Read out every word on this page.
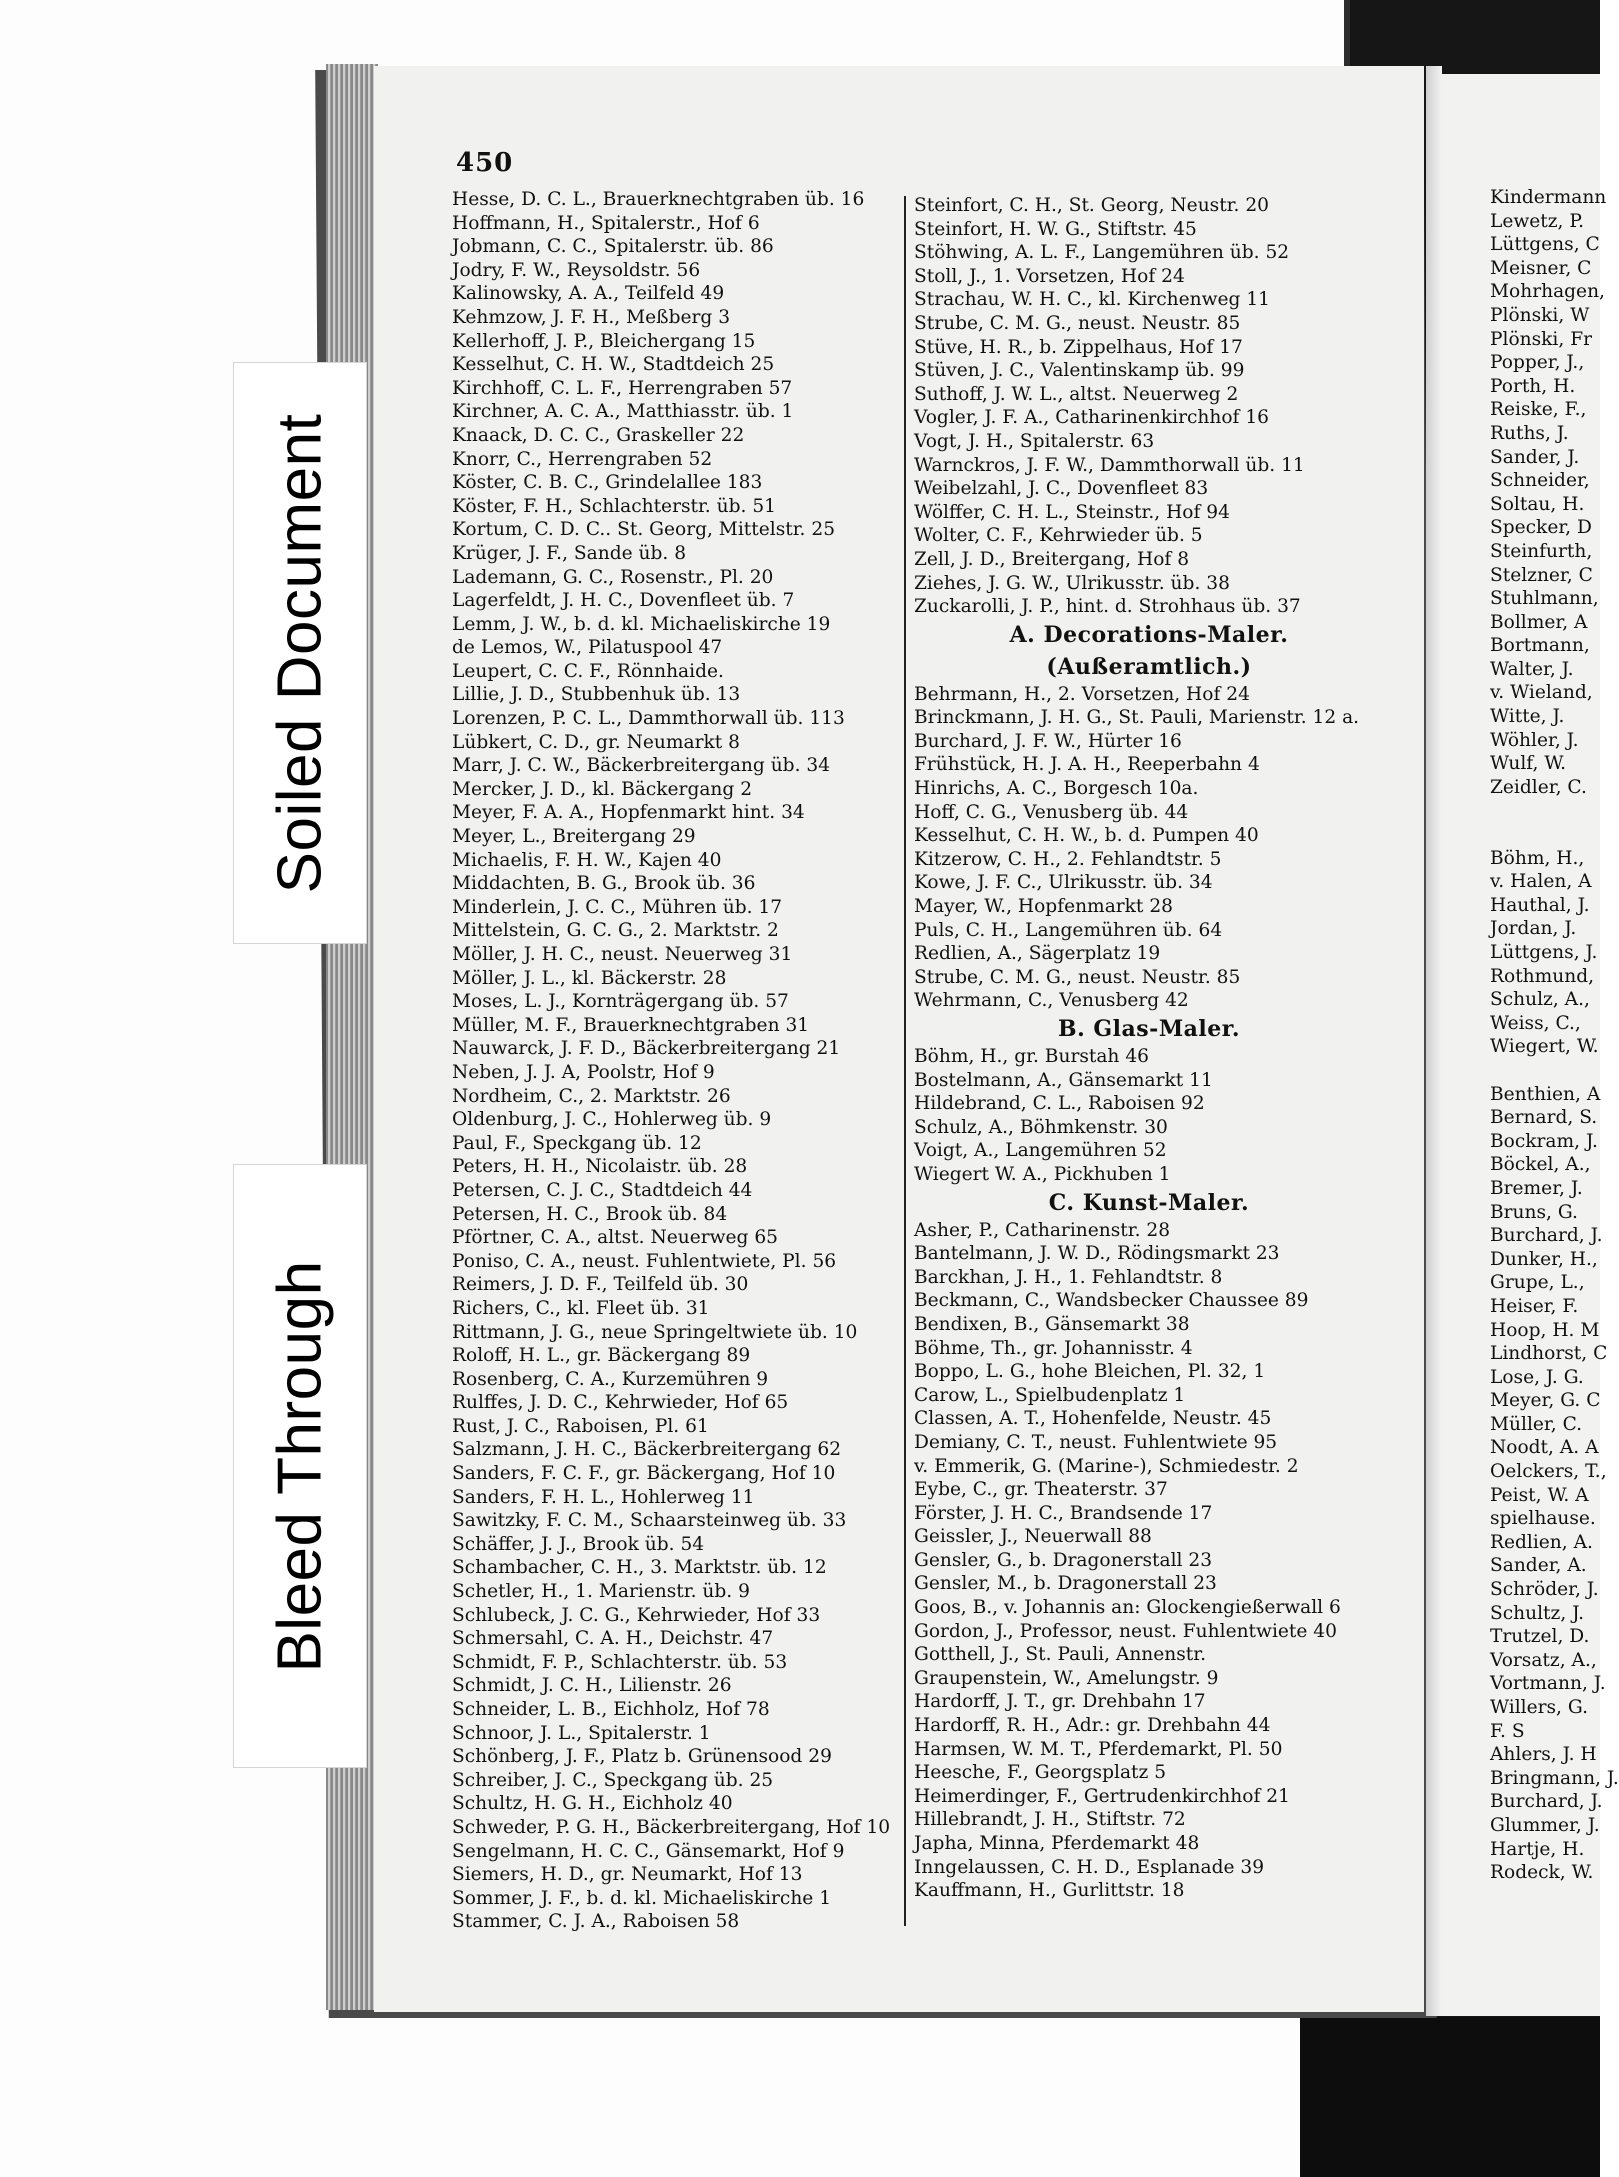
450
Hesse, D. C. L., Brauerknechtgraben üb. 16
Hoffmann, H., Spitalerstr., Hof 6
Jobmann, C. C., Spitalerstr. üb. 86
Jodry, F. W., Reysoldstr. 56
Kalinowsky, A. A., Teilfeld 49
Kehmzow, J. F. H., Meßberg 3
Kellerhoff, J. P., Bleichergang 15
Kesselhut, C. H. W., Stadtdeich 25
Kirchhoff, C. L. F., Herrengraben 57
Kirchner, A. C. A., Matthiasstr. üb. 1
Knaack, D. C. C., Graskeller 22
Knorr, C., Herrengraben 52
Köster, C. B. C., Grindelallee 183
Köster, F. H., Schlachterstr. üb. 51
Kortum, C. D. C.. St. Georg, Mittelstr. 25
Krüger, J. F., Sande üb. 8
Lademann, G. C., Rosenstr., Pl. 20
Lagerfeldt, J. H. C., Dovenfleet üb. 7
Lemm, J. W., b. d. kl. Michaeliskirche 19
de Lemos, W., Pilatuspool 47
Leupert, C. C. F., Rönnhaide.
Lillie, J. D., Stubbenhuk üb. 13
Lorenzen, P. C. L., Dammthorwall üb. 113
Lübkert, C. D., gr. Neumarkt 8
Marr, J. C. W., Bäckerbreitergang üb. 34
Mercker, J. D., kl. Bäckergang 2
Meyer, F. A. A., Hopfenmarkt hint. 34
Meyer, L., Breitergang 29
Michaelis, F. H. W., Kajen 40
Middachten, B. G., Brook üb. 36
Minderlein, J. C. C., Mühren üb. 17
Mittelstein, G. C. G., 2. Marktstr. 2
Möller, J. H. C., neust. Neuerweg 31
Möller, J. L., kl. Bäckerstr. 28
Moses, L. J., Kornträgergang üb. 57
Müller, M. F., Brauerknechtgraben 31
Nauwarck, J. F. D., Bäckerbreitergang 21
Neben, J. J. A, Poolstr, Hof 9
Nordheim, C., 2. Marktstr. 26
Oldenburg, J. C., Hohlerweg üb. 9
Paul, F., Speckgang üb. 12
Peters, H. H., Nicolaistr. üb. 28
Petersen, C. J. C., Stadtdeich 44
Petersen, H. C., Brook üb. 84
Pförtner, C. A., altst. Neuerweg 65
Poniso, C. A., neust. Fuhlentwiete, Pl. 56
Reimers, J. D. F., Teilfeld üb. 30
Richers, C., kl. Fleet üb. 31
Rittmann, J. G., neue Springeltwiete üb. 10
Roloff, H. L., gr. Bäckergang 89
Rosenberg, C. A., Kurzemühren 9
Rulffes, J. D. C., Kehrwieder, Hof 65
Rust, J. C., Raboisen, Pl. 61
Salzmann, J. H. C., Bäckerbreitergang 62
Sanders, F. C. F., gr. Bäckergang, Hof 10
Sanders, F. H. L., Hohlerweg 11
Sawitzky, F. C. M., Schaarsteinweg üb. 33
Schäffer, J. J., Brook üb. 54
Schambacher, C. H., 3. Marktstr. üb. 12
Schetler, H., 1. Marienstr. üb. 9
Schlubeck, J. C. G., Kehrwieder, Hof 33
Schmersahl, C. A. H., Deichstr. 47
Schmidt, F. P., Schlachterstr. üb. 53
Schmidt, J. C. H., Lilienstr. 26
Schneider, L. B., Eichholz, Hof 78
Schnoor, J. L., Spitalerstr. 1
Schönberg, J. F., Platz b. Grünensood 29
Schreiber, J. C., Speckgang üb. 25
Schultz, H. G. H., Eichholz 40
Schweder, P. G. H., Bäckerbreitergang, Hof 10
Sengelmann, H. C. C., Gänsemarkt, Hof 9
Siemers, H. D., gr. Neumarkt, Hof 13
Sommer, J. F., b. d. kl. Michaeliskirche 1
Stammer, C. J. A., Raboisen 58
Steinfort, C. H., St. Georg, Neustr. 20
Steinfort, H. W. G., Stiftstr. 45
Stöhwing, A. L. F., Langemühren üb. 52
Stoll, J., 1. Vorsetzen, Hof 24
Strachau, W. H. C., kl. Kirchenweg 11
Strube, C. M. G., neust. Neustr. 85
Stüve, H. R., b. Zippelhaus, Hof 17
Stüven, J. C., Valentinskamp üb. 99
Suthoff, J. W. L., altst. Neuerweg 2
Vogler, J. F. A., Catharinenkirchhof 16
Vogt, J. H., Spitalerstr. 63
Warnckros, J. F. W., Dammthorwall üb. 11
Weibelzahl, J. C., Dovenfleet 83
Wölffer, C. H. L., Steinstr., Hof 94
Wolter, C. F., Kehrwieder üb. 5
Zell, J. D., Breitergang, Hof 8
Ziehes, J. G. W., Ulrikusstr. üb. 38
Zuckarolli, J. P., hint. d. Strohhaus üb. 37
A. Decorations-Maler.
(Außeramtlich.)
Behrmann, H., 2. Vorsetzen, Hof 24
Brinckmann, J. H. G., St. Pauli, Marienstr. 12 a.
Burchard, J. F. W., Hürter 16
Frühstück, H. J. A. H., Reeperbahn 4
Hinrichs, A. C., Borgesch 10a.
Hoff, C. G., Venusberg üb. 44
Kesselhut, C. H. W., b. d. Pumpen 40
Kitzerow, C. H., 2. Fehlandtstr. 5
Kowe, J. F. C., Ulrikusstr. üb. 34
Mayer, W., Hopfenmarkt 28
Puls, C. H., Langemühren üb. 64
Redlien, A., Sägerplatz 19
Strube, C. M. G., neust. Neustr. 85
Wehrmann, C., Venusberg 42
B. Glas-Maler.
Böhm, H., gr. Burstah 46
Bostelmann, A., Gänsemarkt 11
Hildebrand, C. L., Raboisen 92
Schulz, A., Böhmkenstr. 30
Voigt, A., Langemühren 52
Wiegert W. A., Pickhuben 1
C. Kunst-Maler.
Asher, P., Catharinenstr. 28
Bantelmann, J. W. D., Rödingsmarkt 23
Barckhan, J. H., 1. Fehlandtstr. 8
Beckmann, C., Wandsbecker Chaussee 89
Bendixen, B., Gänsemarkt 38
Böhme, Th., gr. Johannisstr. 4
Boppo, L. G., hohe Bleichen, Pl. 32, 1
Carow, L., Spielbudenplatz 1
Classen, A. T., Hohenfelde, Neustr. 45
Demiany, C. T., neust. Fuhlentwiete 95
v. Emmerik, G. (Marine-), Schmiedestr. 2
Eybe, C., gr. Theaterstr. 37
Förster, J. H. C., Brandsende 17
Geissler, J., Neuerwall 88
Gensler, G., b. Dragonerstall 23
Gensler, M., b. Dragonerstall 23
Goos, B., v. Johannis an: Glockengießerwall 6
Gordon, J., Professor, neust. Fuhlentwiete 40
Gotthell, J., St. Pauli, Annenstr.
Graupenstein, W., Amelungstr. 9
Hardorff, J. T., gr. Drehbahn 17
Hardorff, R. H., Adr.: gr. Drehbahn 44
Harmsen, W. M. T., Pferdemarkt, Pl. 50
Heesche, F., Georgsplatz 5
Heimerdinger, F., Gertrudenkirchhof 21
Hillebrandt, J. H., Stiftstr. 72
Japha, Minna, Pferdemarkt 48
Inngelaussen, C. H. D., Esplanade 39
Kauffmann, H., Gurlittstr. 18
Kindermann
Lewetz, P.
Lüttgens, C
Meisner, C
Mohrhagen,
Plönski, W
Plönski, Fr
Popper, J.,
Porth, H.
Reiske, F.,
Ruths, J.
Sander, J.
Schneider,
Soltau, H.
Specker, D
Steinfurth,
Stelzner, C
Stuhlmann,
Bollmer, A
Bortmann,
Walter, J.
v. Wieland,
Witte, J.
Wöhler, J.
Wulf, W.
Zeidler, C.
Böhm, H.,
v. Halen, A
Hauthal, J.
Jordan, J.
Lüttgens, J.
Rothmund,
Schulz, A.,
Weiss, C.,
Wiegert, W.
Benthien, A
Bernard, S.
Bockram, J.
Böckel, A.,
Bremer, J.
Bruns, G.
Burchard, J.
Dunker, H.,
Grupe, L.,
Heiser, F.
Hoop, H. M
Lindhorst, C
Lose, J. G.
Meyer, G. C
Müller, C.
Noodt, A. A
Oelckers, T.,
Peist, W. A
spielhause.
Redlien, A.
Sander, A.
Schröder, J.
Schultz, J.
Trutzel, D.
Vorsatz, A.,
Vortmann, J.
Willers, G.
F. S
Ahlers, J. H
Bringmann, J.
Burchard, J.
Glummer, J.
Hartje, H.
Rodeck, W.
Soiled Document
Bleed Through
